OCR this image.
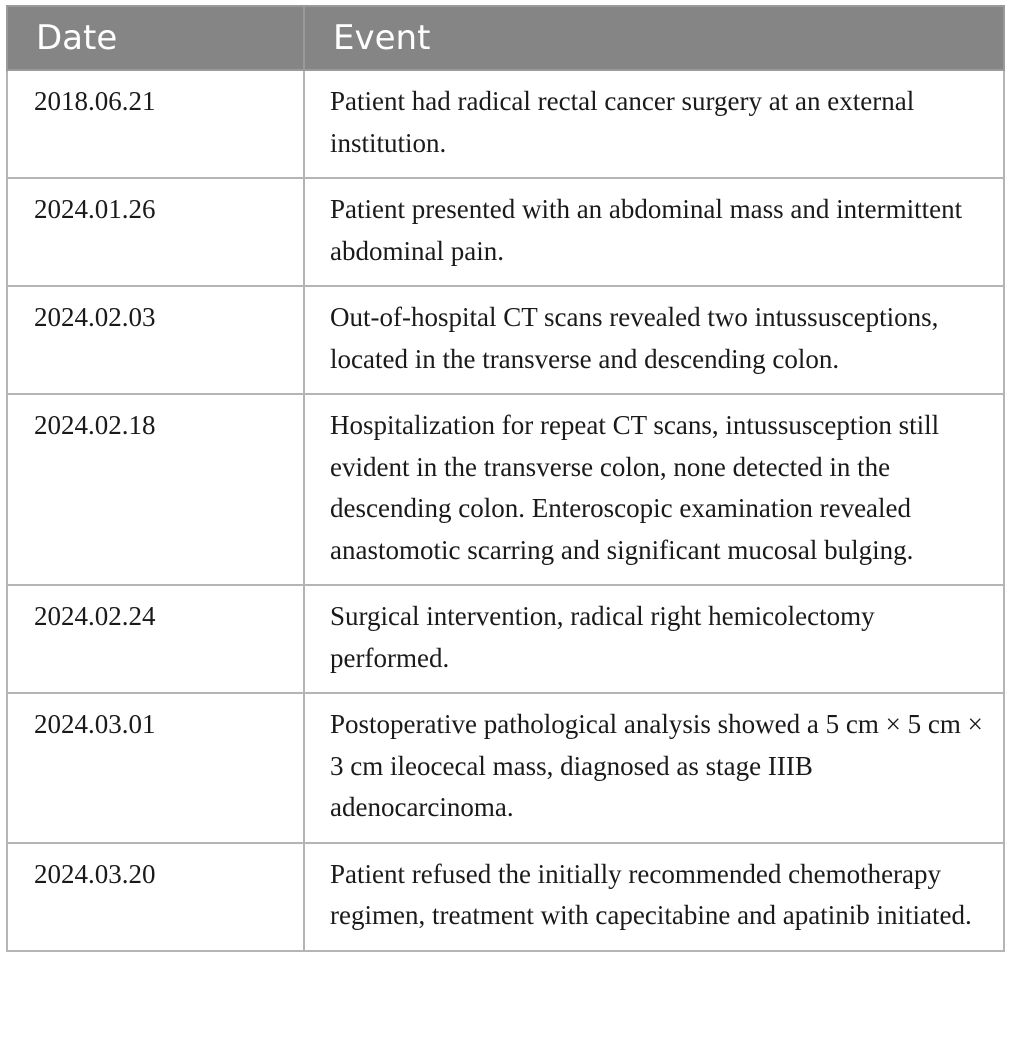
Date	Event
2018.06.21	Patient had radical rectal cancer surgery at an external institution.
2024.01.26	Patient presented with an abdominal mass and intermittent abdominal pain.
2024.02.03	Out-of-hospital CT scans revealed two intussusceptions, located in the transverse and descending colon.
2024.02.18	Hospitalization for repeat CT scans, intussusception still evident in the transverse colon, none detected in the descending colon. Enteroscopic examination revealed anastomotic scarring and significant mucosal bulging.
2024.02.24	Surgical intervention, radical right hemicolectomy performed.
2024.03.01	Postoperative pathological analysis showed a 5 cm × 5 cm × 3 cm ileocecal mass, diagnosed as stage IIIB adenocarcinoma.
2024.03.20	Patient refused the initially recommended chemotherapy regimen, treatment with capecitabine and apatinib initiated.
